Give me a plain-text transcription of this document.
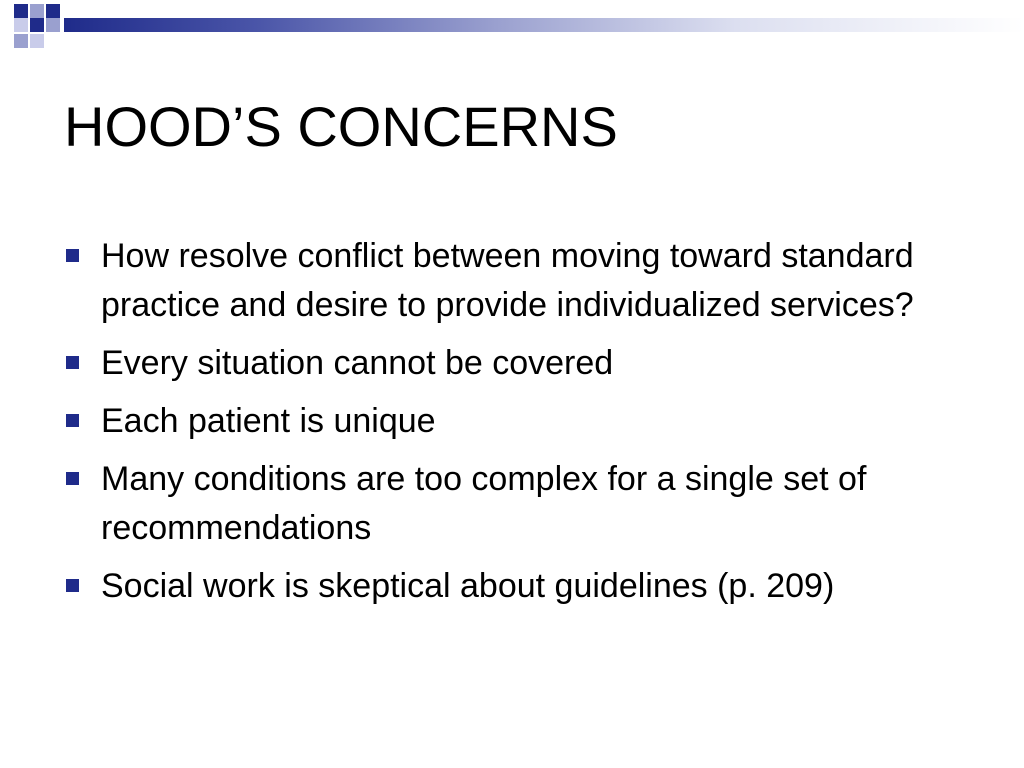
HOOD’S CONCERNS
How resolve conflict between moving toward standard practice and desire to provide individualized services?
Every situation cannot be covered
Each patient is unique
Many conditions are too complex for a single set of recommendations
Social work is skeptical about guidelines (p. 209)
